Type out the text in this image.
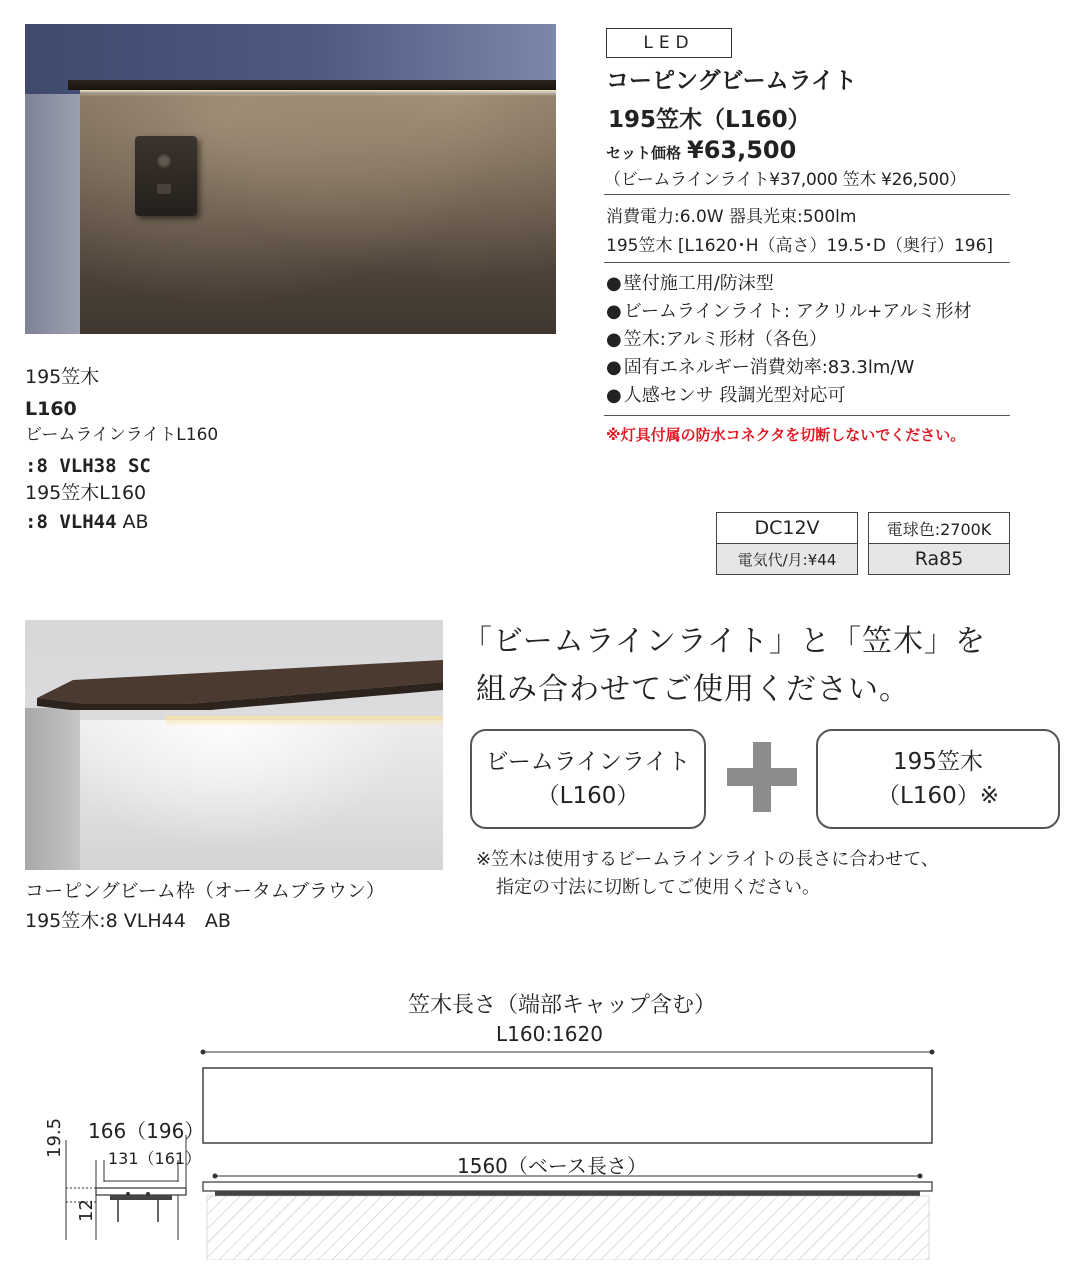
195笠木
L160
ビームラインライトL160
:8 VLH38 SC
195笠木L160
:8 VLH44 AB
LED
コーピングビームライト
195笠木（L160）
セット価格 ¥63,500
（ビームラインライト¥37,000 笠木 ¥26,500）
消費電力:6.0W 器具光束:500lm
195笠木 [L1620･H（高さ）19.5･D（奥行）196]
● 壁付施工用/防沫型
● ビームラインライト: アクリル+アルミ形材
● 笠木:アルミ形材（各色）
● 固有エネルギー消費効率:83.3lm/W
● 人感センサ 段調光型対応可
※灯具付属の防水コネクタを切断しないでください。
DC12V	電球色:2700K
電気代/月:¥44	Ra85
コーピングビーム枠（オータムブラウン）
195笠木:8 VLH44　AB
「ビームラインライト」と「笠木」を
組み合わせてご使用ください。
ビームラインライト
（L160）
195笠木
（L160）※
※笠木は使用するビームラインライトの長さに合わせて、
指定の寸法に切断してご使用ください。
笠木長さ（端部キャップ含む）
L160:1620
1560（ベース長さ）
166（196）
131（161）
19.5
12
